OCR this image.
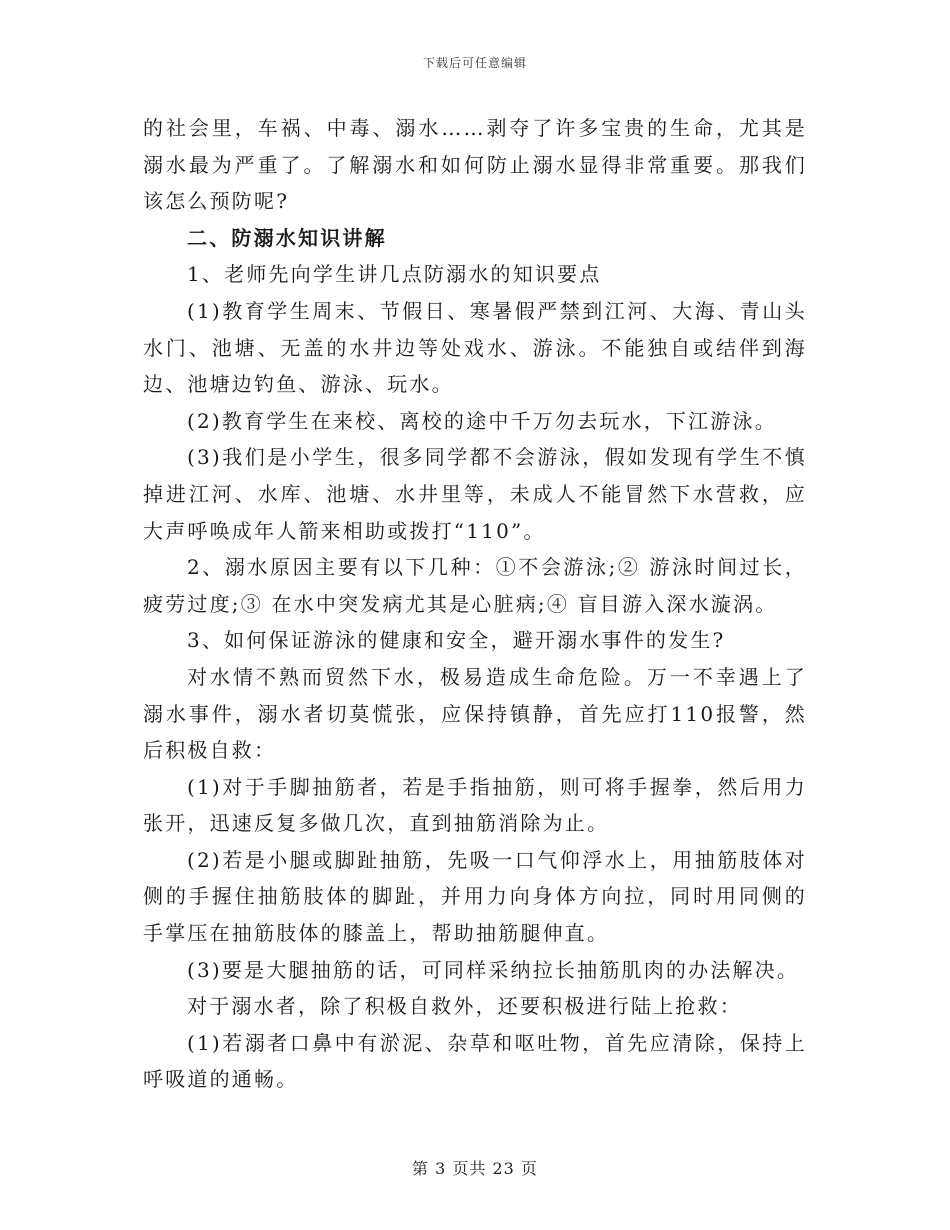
下载后可任意编辑

的社会里，车祸、中毒、溺水……剥夺了许多宝贵的生命，尤其是溺水最为严重了。了解溺水和如何防止溺水显得非常重要。那我们该怎么预防呢?

二、防溺水知识讲解

1、老师先向学生讲几点防溺水的知识要点

(1)教育学生周末、节假日、寒暑假严禁到江河、大海、青山头水门、池塘、无盖的水井边等处戏水、游泳。不能独自或结伴到海边、池塘边钓鱼、游泳、玩水。

(2)教育学生在来校、离校的途中千万勿去玩水，下江游泳。

(3)我们是小学生，很多同学都不会游泳，假如发现有学生不慎掉进江河、水库、池塘、水井里等，未成人不能冒然下水营救，应大声呼唤成年人箭来相助或拨打“110”。

2、溺水原因主要有以下几种：①不会游泳;② 游泳时间过长，疲劳过度;③ 在水中突发病尤其是心脏病;④ 盲目游入深水漩涡。

3、如何保证游泳的健康和安全，避开溺水事件的发生?

对水情不熟而贸然下水，极易造成生命危险。万一不幸遇上了溺水事件，溺水者切莫慌张，应保持镇静，首先应打110报警，然后积极自救：

(1)对于手脚抽筋者，若是手指抽筋，则可将手握拳，然后用力张开，迅速反复多做几次，直到抽筋消除为止。

(2)若是小腿或脚趾抽筋，先吸一口气仰浮水上，用抽筋肢体对侧的手握住抽筋肢体的脚趾，并用力向身体方向拉，同时用同侧的手掌压在抽筋肢体的膝盖上，帮助抽筋腿伸直。

(3)要是大腿抽筋的话，可同样采纳拉长抽筋肌肉的办法解决。

对于溺水者，除了积极自救外，还要积极进行陆上抢救：

(1)若溺者口鼻中有淤泥、杂草和呕吐物，首先应清除，保持上呼吸道的通畅。

第 3 页共 23 页
